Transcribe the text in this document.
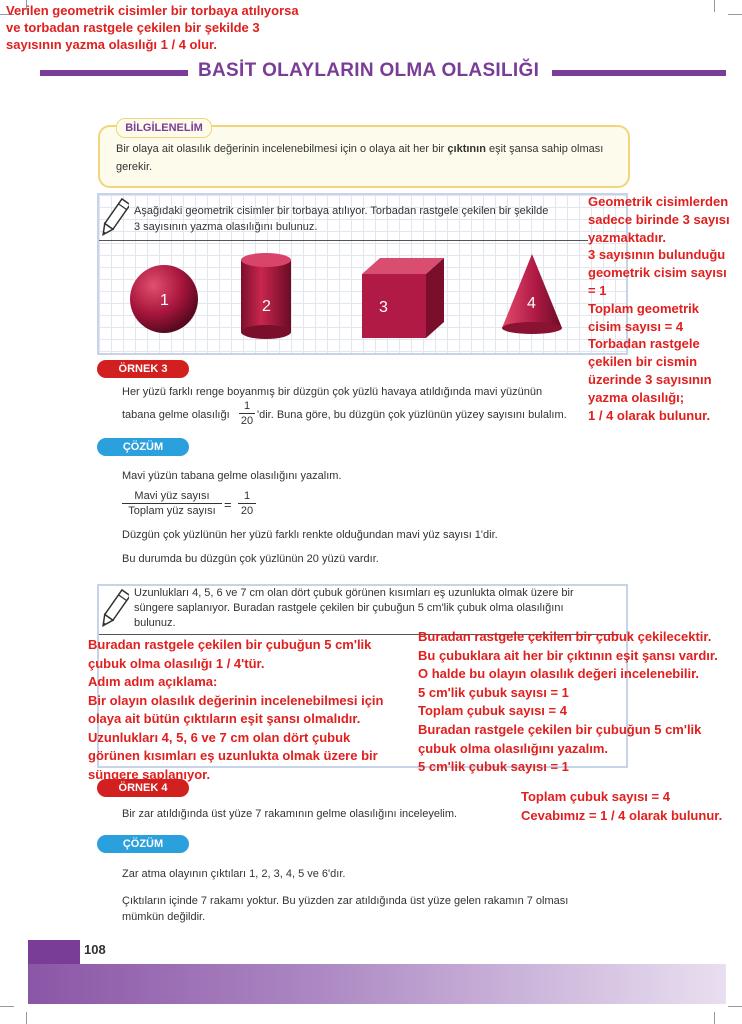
Verilen geometrik cisimler bir torbaya atılıyorsa
ve torbadan rastgele çekilen bir şekilde 3
sayısının yazma olasılığı 1 / 4 olur.
BASİT OLAYLARIN OLMA OLASILIĞI
BİLGİLENELİM
Bir olaya ait olasılık değerinin incelenebilmesi için o olaya ait her bir çıktının eşit şansa sahip olması gerekir.
Aşağıdaki geometrik cisimler bir torbaya atılıyor. Torbadan rastgele çekilen bir şekilde
3 sayısının yazma olasılığını bulunuz.
1	2	3	4
Geometrik cisimlerden
sadece birinde 3 sayısı
yazmaktadır.
3 sayısının bulunduğu
geometrik cisim sayısı
= 1
Toplam geometrik
cisim sayısı = 4
Torbadan rastgele
çekilen bir cismin
üzerinde 3 sayısının
yazma olasılığı;
1 / 4 olarak bulunur.
ÖRNEK 3
Her yüzü farklı renge boyanmış bir düzgün çok yüzlü havaya atıldığında mavi yüzünün
tabana gelme olasılığı
1
20 'dir. Buna göre, bu düzgün çok yüzlünün yüzey sayısını bulalım.
ÇÖZÜM
Mavi yüzün tabana gelme olasılığını yazalım.
Mavi yüz sayısı
Toplam yüz sayısı =
1
20
Düzgün çok yüzlünün her yüzü farklı renkte olduğundan mavi yüz sayısı 1'dir.
Bu durumda bu düzgün çok yüzlünün 20 yüzü vardır.
Uzunlukları 4, 5, 6 ve 7 cm olan dört çubuk görünen kısımları eş uzunlukta olmak üzere bir
süngere saplanıyor. Buradan rastgele çekilen bir çubuğun 5 cm'lik çubuk olma olasılığını
bulunuz.
ÖRNEK 4
Buradan rastgele çekilen bir çubuğun 5 cm'lik
çubuk olma olasılığı 1 / 4'tür.
Adım adım açıklama:
Bir olayın olasılık değerinin incelenebilmesi için
olaya ait bütün çıktıların eşit şansı olmalıdır.
Uzunlukları 4, 5, 6 ve 7 cm olan dört çubuk
görünen kısımları eş uzunlukta olmak üzere bir
süngere saplanıyor.
Buradan rastgele çekilen bir çubuk çekilecektir.
Bu çubuklara ait her bir çıktının eşit şansı vardır.
O halde bu olayın olasılık değeri incelenebilir.
5 cm'lik çubuk sayısı = 1
Toplam çubuk sayısı = 4
Buradan rastgele çekilen bir çubuğun 5 cm'lik
çubuk olma olasılığını yazalım.
5 cm'lik çubuk sayısı = 1
Toplam çubuk sayısı = 4
Cevabımız = 1 / 4 olarak bulunur.
Bir zar atıldığında üst yüze 7 rakamının gelme olasılığını inceleyelim.
ÇÖZÜM
Zar atma olayının çıktıları 1, 2, 3, 4, 5 ve 6'dır.
Çıktıların içinde 7 rakamı yoktur. Bu yüzden zar atıldığında üst yüze gelen rakamın 7 olması
mümkün değildir.
108
